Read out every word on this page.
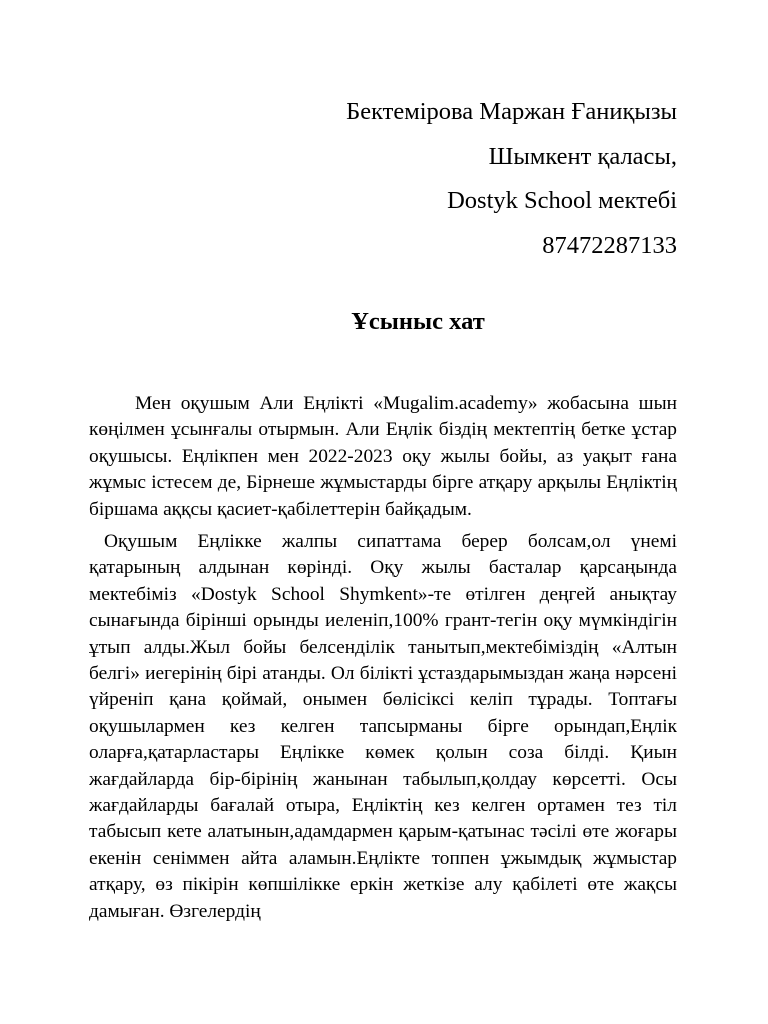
Бектемірова Маржан Ғаниқызы
Шымкент қаласы,
Dostyk School мектебі
87472287133
Ұсыныс хат

Мен оқушым Али Еңлікті «Mugalim.academy» жобасына шын көңілмен ұсынғалы отырмын. Али Еңлік біздің мектептің бетке ұстар оқушысы. Еңлікпен мен 2022-2023 оқу жылы бойы, аз уақыт ғана жұмыс істесем де, Бірнеше жұмыстарды бірге атқару арқылы Еңліктің біршама аққсы қасиет-қабілеттерін байқадым.

Оқушым Еңлікке жалпы сипаттама берер болсам,ол үнемі қатарының алдынан көрінді. Оқу жылы басталар қарсаңында мектебіміз «Dostyk School Shymkent»-те өтілген деңгей анықтау сынағында бірінші орынды иеленіп,100% грант-тегін оқу мүмкіндігін ұтып алды.Жыл бойы белсенділік танытып,мектебіміздің «Алтын белгі» иегерінің бірі атанды. Ол білікті ұстаздарымыздан жаңа нәрсені үйреніп қана қоймай, онымен бөлісіксі келіп тұрады. Топтағы оқушылармен кез келген тапсырманы бірге орындап,Еңлік оларға,қатарластары Еңлікке көмек қолын соза білді. Қиын жағдайларда бір-бірінің жанынан табылып,қолдау көрсетті. Осы жағдайларды бағалай отыра, Еңліктің кез келген ортамен тез тіл табысып кете алатынын,адамдармен қарым-қатынас тәсілі өте жоғары екенін сеніммен айта аламын.Еңлікте топпен ұжымдық жұмыстар атқару, өз пікірін көпшілікке еркін жеткізе алу қабілеті өте жақсы дамыған. Өзгелердің
